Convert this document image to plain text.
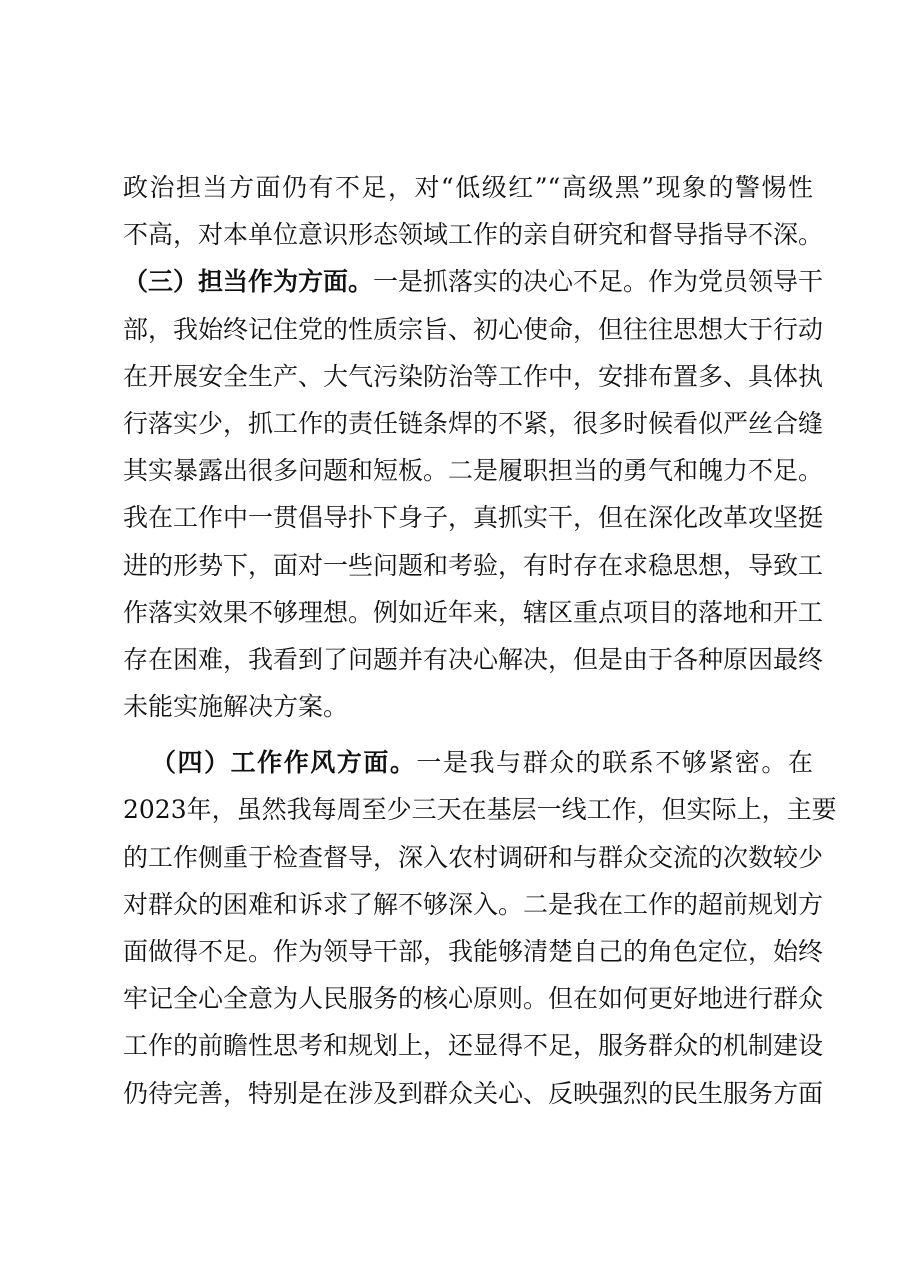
政治担当方面仍有不足，对“低级红”“高级黑”现象的警惕性
不高，对本单位意识形态领域工作的亲自研究和督导指导不深。
（三）担当作为方面。一是抓落实的决心不足。作为党员领导干
部，我始终记住党的性质宗旨、初心使命，但往往思想大于行动
在开展安全生产、大气污染防治等工作中，安排布置多、具体执
行落实少，抓工作的责任链条焊的不紧，很多时候看似严丝合缝
其实暴露出很多问题和短板。二是履职担当的勇气和魄力不足。
我在工作中一贯倡导扑下身子，真抓实干，但在深化改革攻坚挺
进的形势下，面对一些问题和考验，有时存在求稳思想，导致工
作落实效果不够理想。例如近年来，辖区重点项目的落地和开工
存在困难，我看到了问题并有决心解决，但是由于各种原因最终
未能实施解决方案。
（四）工作作风方面。一是我与群众的联系不够紧密。在
2023年，虽然我每周至少三天在基层一线工作，但实际上，主要
的工作侧重于检查督导，深入农村调研和与群众交流的次数较少
对群众的困难和诉求了解不够深入。二是我在工作的超前规划方
面做得不足。作为领导干部，我能够清楚自己的角色定位，始终
牢记全心全意为人民服务的核心原则。但在如何更好地进行群众
工作的前瞻性思考和规划上，还显得不足，服务群众的机制建设
仍待完善，特别是在涉及到群众关心、反映强烈的民生服务方面
